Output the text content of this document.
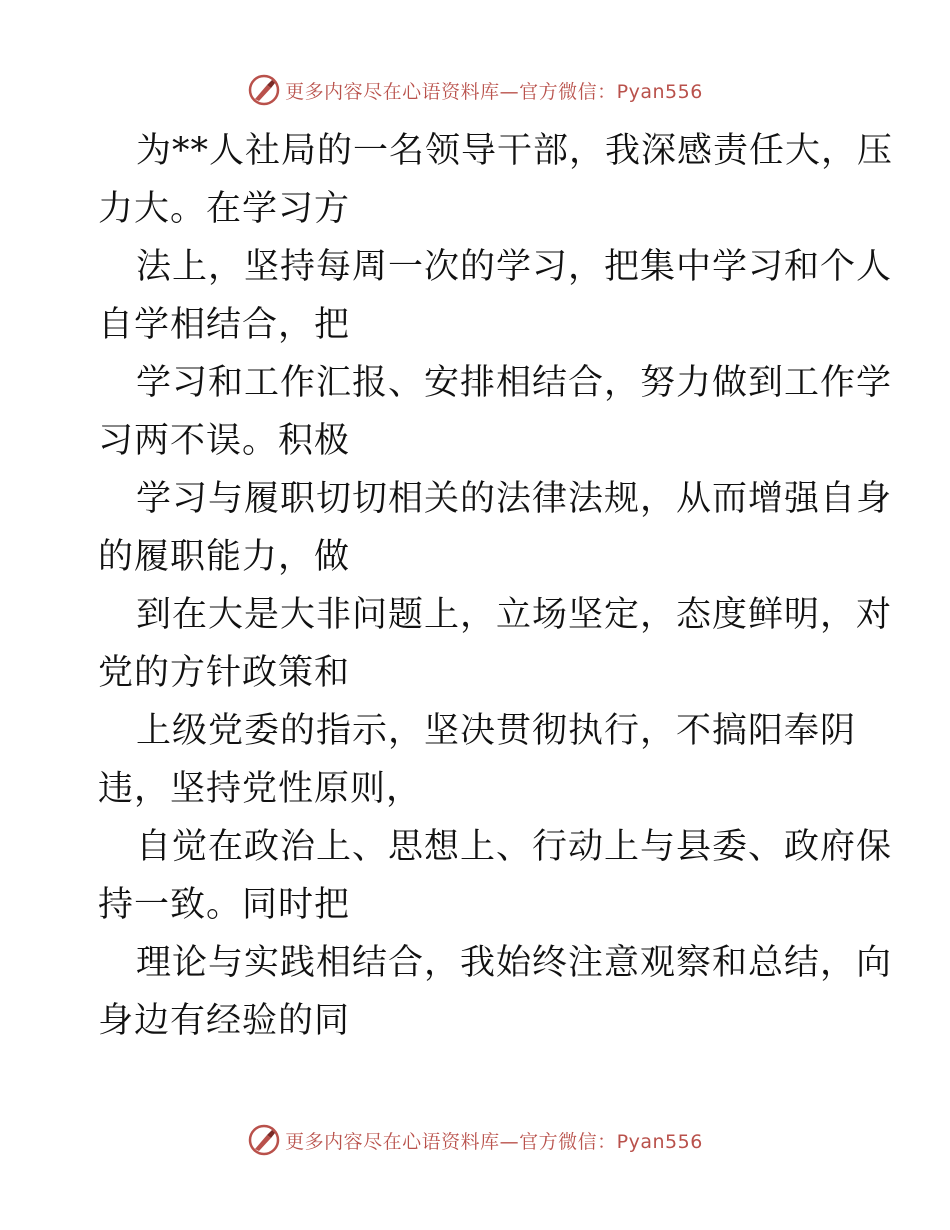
更多内容尽在心语资料库—官方微信：Pyan556
为**人社局的一名领导干部，我深感责任大，压
力大。在学习方
法上，坚持每周一次的学习，把集中学习和个人
自学相结合，把
学习和工作汇报、安排相结合，努力做到工作学
习两不误。积极
学习与履职切切相关的法律法规，从而增强自身
的履职能力，做
到在大是大非问题上，立场坚定，态度鲜明，对
党的方针政策和
上级党委的指示，坚决贯彻执行，不搞阳奉阴
违，坚持党性原则，
自觉在政治上、思想上、行动上与县委、政府保
持一致。同时把
理论与实践相结合，我始终注意观察和总结，向
身边有经验的同
更多内容尽在心语资料库—官方微信：Pyan556
